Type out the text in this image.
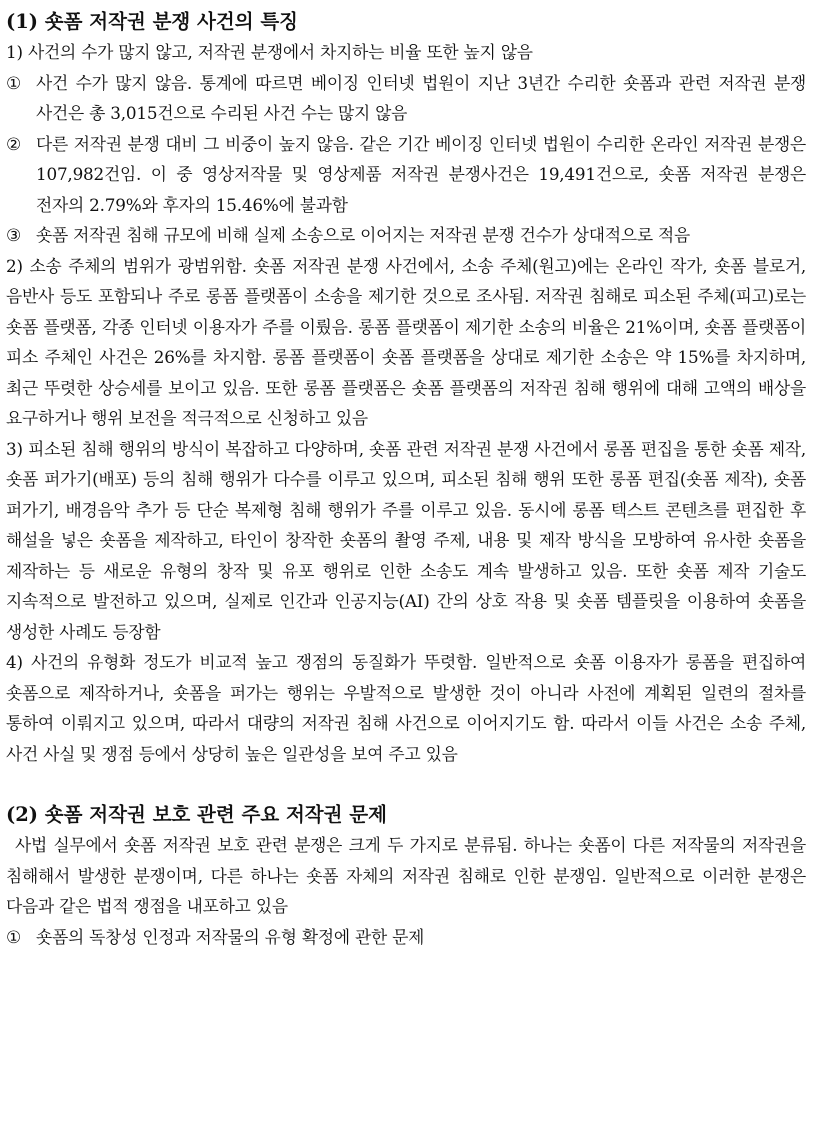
(1) 숏폼 저작권 분쟁 사건의 특징

1) 사건의 수가 많지 않고, 저작권 분쟁에서 차지하는 비율 또한 높지 않음

① 사건 수가 많지 않음. 통계에 따르면 베이징 인터넷 법원이 지난 3년간 수리한 숏폼과 관련 저작권 분쟁 사건은 총 3,015건으로 수리된 사건 수는 많지 않음
② 다른 저작권 분쟁 대비 그 비중이 높지 않음. 같은 기간 베이징 인터넷 법원이 수리한 온라인 저작권 분쟁은 107,982건임. 이 중 영상저작물 및 영상제품 저작권 분쟁사건은 19,491건으로, 숏폼 저작권 분쟁은 전자의 2.79%와 후자의 15.46%에 불과함
③ 숏폼 저작권 침해 규모에 비해 실제 소송으로 이어지는 저작권 분쟁 건수가 상대적으로 적음

2) 소송 주체의 범위가 광범위함. 숏폼 저작권 분쟁 사건에서, 소송 주체(원고)에는 온라인 작가, 숏폼 블로거, 음반사 등도 포함되나 주로 롱폼 플랫폼이 소송을 제기한 것으로 조사됨. 저작권 침해로 피소된 주체(피고)로는 숏폼 플랫폼, 각종 인터넷 이용자가 주를 이뤘음. 롱폼 플랫폼이 제기한 소송의 비율은 21%이며, 숏폼 플랫폼이 피소 주체인 사건은 26%를 차지함. 롱폼 플랫폼이 숏폼 플랫폼을 상대로 제기한 소송은 약 15%를 차지하며, 최근 뚜렷한 상승세를 보이고 있음. 또한 롱폼 플랫폼은 숏폼 플랫폼의 저작권 침해 행위에 대해 고액의 배상을 요구하거나 행위 보전을 적극적으로 신청하고 있음

3) 피소된 침해 행위의 방식이 복잡하고 다양하며, 숏폼 관련 저작권 분쟁 사건에서 롱폼 편집을 통한 숏폼 제작, 숏폼 퍼가기(배포) 등의 침해 행위가 다수를 이루고 있으며, 피소된 침해 행위 또한 롱폼 편집(숏폼 제작), 숏폼 퍼가기, 배경음악 추가 등 단순 복제형 침해 행위가 주를 이루고 있음. 동시에 롱폼 텍스트 콘텐츠를 편집한 후 해설을 넣은 숏폼을 제작하고, 타인이 창작한 숏폼의 촬영 주제, 내용 및 제작 방식을 모방하여 유사한 숏폼을 제작하는 등 새로운 유형의 창작 및 유포 행위로 인한 소송도 계속 발생하고 있음. 또한 숏폼 제작 기술도 지속적으로 발전하고 있으며, 실제로 인간과 인공지능(AI) 간의 상호 작용 및 숏폼 템플릿을 이용하여 숏폼을 생성한 사례도 등장함

4) 사건의 유형화 정도가 비교적 높고 쟁점의 동질화가 뚜렷함. 일반적으로 숏폼 이용자가 롱폼을 편집하여 숏폼으로 제작하거나, 숏폼을 퍼가는 행위는 우발적으로 발생한 것이 아니라 사전에 계획된 일련의 절차를 통하여 이뤄지고 있으며, 따라서 대량의 저작권 침해 사건으로 이어지기도 함. 따라서 이들 사건은 소송 주체, 사건 사실 및 쟁점 등에서 상당히 높은 일관성을 보여 주고 있음

(2) 숏폼 저작권 보호 관련 주요 저작권 문제

사법 실무에서 숏폼 저작권 보호 관련 분쟁은 크게 두 가지로 분류됨. 하나는 숏폼이 다른 저작물의 저작권을 침해해서 발생한 분쟁이며, 다른 하나는 숏폼 자체의 저작권 침해로 인한 분쟁임. 일반적으로 이러한 분쟁은 다음과 같은 법적 쟁점을 내포하고 있음

① 숏폼의 독창성 인정과 저작물의 유형 확정에 관한 문제
